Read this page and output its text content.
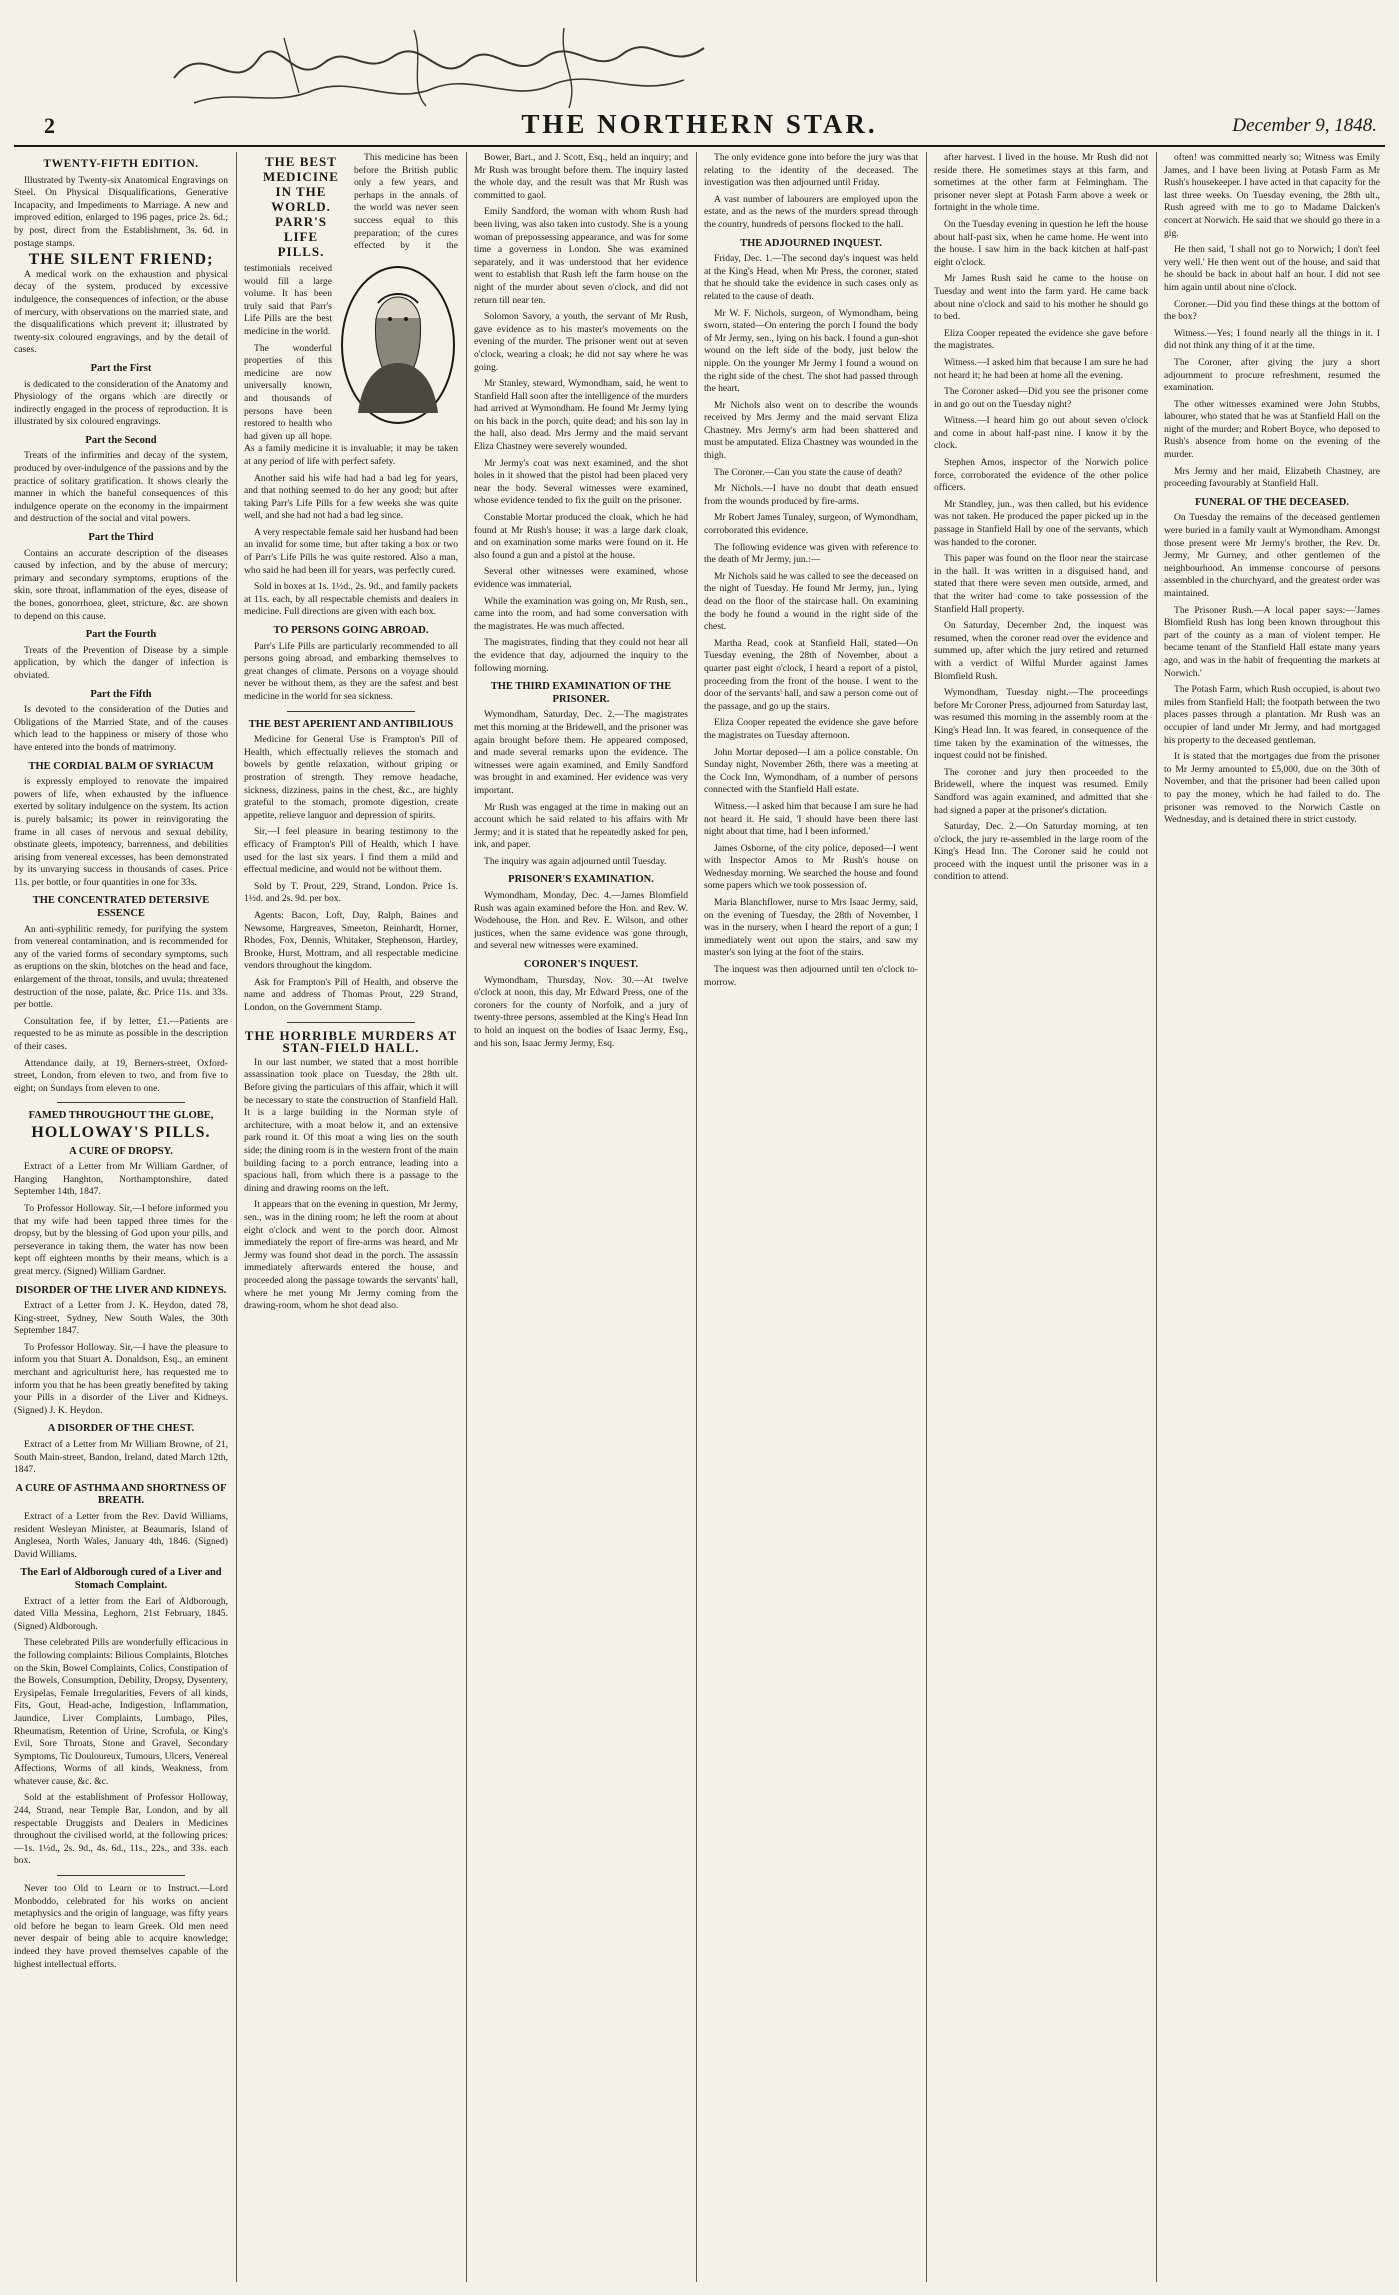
2	THE NORTHERN STAR.	December 9, 1848.
TWENTY-FIFTH EDITION.

Illustrated by Twenty-six Anatomical Engravings on Steel. On Physical Disqualifications, Generative Incapacity, and Impediments to Marriage. A new and improved edition, enlarged to 196 pages, price 2s. 6d.; by post, direct from the Establishment, 3s. 6d. in postage stamps.

THE SILENT FRIEND;

A medical work on the exhaustion and physical decay of the system, produced by excessive indulgence, the consequences of infection, or the abuse of mercury, with observations on the married state, and the disqualifications which prevent it; illustrated by twenty-six coloured engravings, and by the detail of cases.

Part the First

is dedicated to the consideration of the Anatomy and Physiology of the organs which are directly or indirectly engaged in the process of reproduction. It is illustrated by six coloured engravings.

Part the Second

Treats of the infirmities and decay of the system, produced by over-indulgence of the passions and by the practice of solitary gratification. It shows clearly the manner in which the baneful consequences of this indulgence operate on the economy in the impairment and destruction of the social and vital powers.

Part the Third

Contains an accurate description of the diseases caused by infection, and by the abuse of mercury; primary and secondary symptoms, eruptions of the skin, sore throat, inflammation of the eyes, disease of the bones, gonorrhoea, gleet, stricture, &c. are shown to depend on this cause.

Part the Fourth

Treats of the Prevention of Disease by a simple application, by which the danger of infection is obviated.

Part the Fifth

Is devoted to the consideration of the Duties and Obligations of the Married State, and of the causes which lead to the happiness or misery of those who have entered into the bonds of matrimony.

THE CORDIAL BALM OF SYRIACUM

is expressly employed to renovate the impaired powers of life, when exhausted by the influence exerted by solitary indulgence on the system. Its action is purely balsamic; its power in reinvigorating the frame in all cases of nervous and sexual debility, obstinate gleets, impotency, barrenness, and debilities arising from venereal excesses, has been demonstrated by its unvarying success in thousands of cases. Price 11s. per bottle, or four quantities in one for 33s.

THE CONCENTRATED DETERSIVE ESSENCE

An anti-syphilitic remedy, for purifying the system from venereal contamination, and is recommended for any of the varied forms of secondary symptoms, such as eruptions on the skin, blotches on the head and face, enlargement of the throat, tonsils, and uvula; threatened destruction of the nose, palate, &c. Price 11s. and 33s. per bottle.

Consultation fee, if by letter, £1.—Patients are requested to be as minute as possible in the description of their cases.

Attendance daily, at 19, Berners-street, Oxford-street, London, from eleven to two, and from five to eight; on Sundays from eleven to one.

FAMED THROUGHOUT THE GLOBE,
HOLLOWAY'S PILLS.
A CURE OF DROPSY.

Extract of a Letter from Mr William Gardner, of Hanging Hanghton, Northamptonshire, dated September 14th, 1847.

To Professor Holloway. Sir,—I before informed you that my wife had been tapped three times for the dropsy, but by the blessing of God upon your pills, and perseverance in taking them, the water has now been kept off eighteen months by their means, which is a great mercy. (Signed) William Gardner.

DISORDER OF THE LIVER AND KIDNEYS.

Extract of a Letter from J. K. Heydon, dated 78, King-street, Sydney, New South Wales, the 30th September 1847.

To Professor Holloway. Sir,—I have the pleasure to inform you that Stuart A. Donaldson, Esq., an eminent merchant and agriculturist here, has requested me to inform you that he has been greatly benefited by taking your Pills in a disorder of the Liver and Kidneys. (Signed) J. K. Heydon.

A DISORDER OF THE CHEST.

Extract of a Letter from Mr William Browne, of 21, South Main-street, Bandon, Ireland, dated March 12th, 1847.

A CURE OF ASTHMA AND SHORTNESS OF BREATH.

Extract of a Letter from the Rev. David Williams, resident Wesleyan Minister, at Beaumaris, Island of Anglesea, North Wales, January 4th, 1846. (Signed) David Williams.

The Earl of Aldborough cured of a Liver and Stomach Complaint.

Extract of a letter from the Earl of Aldborough, dated Villa Messina, Leghorn, 21st February, 1845. (Signed) Aldborough.

These celebrated Pills are wonderfully efficacious in the following complaints: Bilious Complaints, Blotches on the Skin, Bowel Complaints, Colics, Constipation of the Bowels, Consumption, Debility, Dropsy, Dysentery, Erysipelas, Female Irregularities, Fevers of all kinds, Fits, Gout, Head-ache, Indigestion, Inflammation, Jaundice, Liver Complaints, Lumbago, Piles, Rheumatism, Retention of Urine, Scrofula, or King's Evil, Sore Throats, Stone and Gravel, Secondary Symptoms, Tic Douloureux, Tumours, Ulcers, Venereal Affections, Worms of all kinds, Weakness, from whatever cause, &c. &c.

Sold at the establishment of Professor Holloway, 244, Strand, near Temple Bar, London, and by all respectable Druggists and Dealers in Medicines throughout the civilised world, at the following prices:—1s. 1½d., 2s. 9d., 4s. 6d., 11s., 22s., and 33s. each box.

Never too Old to Learn or to Instruct.—Lord Monboddo, celebrated for his works on ancient metaphysics and the origin of language, was fifty years old before he began to learn Greek. Old men need never despair of being able to acquire knowledge; indeed they have proved themselves capable of the highest intellectual efforts.

THE BEST
MEDICINE
IN THE
WORLD.
PARR'S
LIFE
PILLS.

This medicine has been before the British public only a few years, and perhaps in the annals of the world was never seen success equal to this preparation; of the cures effected by it the testimonials received would fill a large volume. It has been truly said that Parr's Life Pills are the best medicine in the world.

The wonderful properties of this medicine are now universally known, and thousands of persons have been restored to health who had given up all hope. As a family medicine it is invaluable; it may be taken at any period of life with perfect safety.

Another said his wife had had a bad leg for years, and that nothing seemed to do her any good; but after taking Parr's Life Pills for a few weeks she was quite well, and she had not had a bad leg since.

A very respectable female said her husband had been an invalid for some time, but after taking a box or two of Parr's Life Pills he was quite restored. Also a man, who said he had been ill for years, was perfectly cured.

Sold in boxes at 1s. 1½d., 2s. 9d., and family packets at 11s. each, by all respectable chemists and dealers in medicine. Full directions are given with each box.

TO PERSONS GOING ABROAD.

Parr's Life Pills are particularly recommended to all persons going abroad, and embarking themselves to great changes of climate. Persons on a voyage should never be without them, as they are the safest and best medicine in the world for sea sickness.

THE BEST APERIENT AND ANTIBILIOUS

Medicine for General Use is Frampton's Pill of Health, which effectually relieves the stomach and bowels by gentle relaxation, without griping or prostration of strength. They remove headache, sickness, dizziness, pains in the chest, &c., are highly grateful to the stomach, promote digestion, create appetite, relieve languor and depression of spirits.

Sir,—I feel pleasure in bearing testimony to the efficacy of Frampton's Pill of Health, which I have used for the last six years. I find them a mild and effectual medicine, and would not be without them.

Sold by T. Prout, 229, Strand, London. Price 1s. 1½d. and 2s. 9d. per box.

Agents: Bacon, Loft, Day, Ralph, Baines and Newsome, Hargreaves, Smeeton, Reinhardt, Horner, Rhodes, Fox, Dennis, Whitaker, Stephenson, Hartley, Brooke, Hurst, Mottram, and all respectable medicine vendors throughout the kingdom.

Ask for Frampton's Pill of Health, and observe the name and address of Thomas Prout, 229 Strand, London, on the Government Stamp.

THE HORRIBLE MURDERS AT STAN-FIELD HALL.

In our last number, we stated that a most horrible assassination took place on Tuesday, the 28th ult. Before giving the particulars of this affair, which it will be necessary to state the construction of Stanfield Hall. It is a large building in the Norman style of architecture, with a moat below it, and an extensive park round it. Of this moat a wing lies on the south side; the dining room is in the western front of the main building facing to a porch entrance, leading into a spacious hall, from which there is a passage to the dining and drawing rooms on the left.

It appears that on the evening in question, Mr Jermy, sen., was in the dining room; he left the room at about eight o'clock and went to the porch door. Almost immediately the report of fire-arms was heard, and Mr Jermy was found shot dead in the porch. The assassin immediately afterwards entered the house, and proceeded along the passage towards the servants' hall, where he met young Mr Jermy coming from the drawing-room, whom he shot dead also.

Bower, Bart., and J. Scott, Esq., held an inquiry; and Mr Rush was brought before them. The inquiry lasted the whole day, and the result was that Mr Rush was committed to gaol.

Emily Sandford, the woman with whom Rush had been living, was also taken into custody. She is a young woman of prepossessing appearance, and was for some time a governess in London. She was examined separately, and it was understood that her evidence went to establish that Rush left the farm house on the night of the murder about seven o'clock, and did not return till near ten.

Solomon Savory, a youth, the servant of Mr Rush, gave evidence as to his master's movements on the evening of the murder. The prisoner went out at seven o'clock, wearing a cloak; he did not say where he was going.

Mr Stanley, steward, Wymondham, said, he went to Stanfield Hall soon after the intelligence of the murders had arrived at Wymondham. He found Mr Jermy lying on his back in the porch, quite dead; and his son lay in the hall, also dead. Mrs Jermy and the maid servant Eliza Chastney were severely wounded.

Mr Jermy's coat was next examined, and the shot holes in it showed that the pistol had been placed very near the body. Several witnesses were examined, whose evidence tended to fix the guilt on the prisoner.

Constable Mortar produced the cloak, which he had found at Mr Rush's house; it was a large dark cloak, and on examination some marks were found on it. He also found a gun and a pistol at the house.

Several other witnesses were examined, whose evidence was immaterial.

While the examination was going on, Mr Rush, sen., came into the room, and had some conversation with the magistrates. He was much affected.

The magistrates, finding that they could not hear all the evidence that day, adjourned the inquiry to the following morning.

THE THIRD EXAMINATION OF THE PRISONER.

Wymondham, Saturday, Dec. 2.—The magistrates met this morning at the Bridewell, and the prisoner was again brought before them. He appeared composed, and made several remarks upon the evidence. The witnesses were again examined, and Emily Sandford was brought in and examined. Her evidence was very important.

Mr Rush was engaged at the time in making out an account which he said related to his affairs with Mr Jermy; and it is stated that he repeatedly asked for pen, ink, and paper.

The inquiry was again adjourned until Tuesday.

PRISONER'S EXAMINATION.

Wymondham, Monday, Dec. 4.—James Blomfield Rush was again examined before the Hon. and Rev. W. Wodehouse, the Hon. and Rev. E. Wilson, and other justices, when the same evidence was gone through, and several new witnesses were examined.

CORONER'S INQUEST.

Wymondham, Thursday, Nov. 30.—At twelve o'clock at noon, this day, Mr Edward Press, one of the coroners for the county of Norfolk, and a jury of twenty-three persons, assembled at the King's Head Inn to hold an inquest on the bodies of Isaac Jermy, Esq., and his son, Isaac Jermy Jermy, Esq.

The only evidence gone into before the jury was that relating to the identity of the deceased. The investigation was then adjourned until Friday.

A vast number of labourers are employed upon the estate, and as the news of the murders spread through the country, hundreds of persons flocked to the hall.

THE ADJOURNED INQUEST.

Friday, Dec. 1.—The second day's inquest was held at the King's Head, when Mr Press, the coroner, stated that he should take the evidence in such cases only as related to the cause of death.

Mr W. F. Nichols, surgeon, of Wymondham, being sworn, stated—On entering the porch I found the body of Mr Jermy, sen., lying on his back. I found a gun-shot wound on the left side of the body, just below the nipple. On the younger Mr Jermy I found a wound on the right side of the chest. The shot had passed through the heart.

Mr Nichols also went on to describe the wounds received by Mrs Jermy and the maid servant Eliza Chastney. Mrs Jermy's arm had been shattered and must be amputated. Eliza Chastney was wounded in the thigh.

The Coroner.—Can you state the cause of death?

Mr Nichols.—I have no doubt that death ensued from the wounds produced by fire-arms.

Mr Robert James Tunaley, surgeon, of Wymondham, corroborated this evidence.

The following evidence was given with reference to the death of Mr Jermy, jun.:—

Mr Nichols said he was called to see the deceased on the night of Tuesday. He found Mr Jermy, jun., lying dead on the floor of the staircase hall. On examining the body he found a wound in the right side of the chest.

Martha Read, cook at Stanfield Hall, stated—On Tuesday evening, the 28th of November, about a quarter past eight o'clock, I heard a report of a pistol, proceeding from the front of the house. I went to the door of the servants' hall, and saw a person come out of the passage, and go up the stairs.

Eliza Cooper repeated the evidence she gave before the magistrates on Tuesday afternoon.

John Mortar deposed—I am a police constable. On Sunday night, November 26th, there was a meeting at the Cock Inn, Wymondham, of a number of persons connected with the Stanfield Hall estate.

Witness.—I asked him that because I am sure he had not heard it. He said, 'I should have been there last night about that time, had I been informed.'

James Osborne, of the city police, deposed—I went with Inspector Amos to Mr Rush's house on Wednesday morning. We searched the house and found some papers which we took possession of.

Maria Blanchflower, nurse to Mrs Isaac Jermy, said, on the evening of Tuesday, the 28th of November, I was in the nursery, when I heard the report of a gun; I immediately went out upon the stairs, and saw my master's son lying at the foot of the stairs.

The inquest was then adjourned until ten o'clock to-morrow.

after harvest. I lived in the house. Mr Rush did not reside there. He sometimes stays at this farm, and sometimes at the other farm at Felmingham. The prisoner never slept at Potash Farm above a week or fortnight in the whole time.

On the Tuesday evening in question he left the house about half-past six, when he came home. He went into the house. I saw him in the back kitchen at half-past eight o'clock.

Mr James Rush said he came to the house on Tuesday and went into the farm yard. He came back about nine o'clock and said to his mother he should go to bed.

Eliza Cooper repeated the evidence she gave before the magistrates.

Witness.—I asked him that because I am sure he had not heard it; he had been at home all the evening.

The Coroner asked—Did you see the prisoner come in and go out on the Tuesday night?

Witness.—I heard him go out about seven o'clock and come in about half-past nine. I know it by the clock.

Stephen Amos, inspector of the Norwich police force, corroborated the evidence of the other police officers.

Mr Standley, jun., was then called, but his evidence was not taken. He produced the paper picked up in the passage in Stanfield Hall by one of the servants, which was handed to the coroner.

This paper was found on the floor near the staircase in the hall. It was written in a disguised hand, and stated that there were seven men outside, armed, and that the writer had come to take possession of the Stanfield Hall property.

On Saturday, December 2nd, the inquest was resumed, when the coroner read over the evidence and summed up, after which the jury retired and returned with a verdict of Wilful Murder against James Blomfield Rush.

Wymondham, Tuesday night.—The proceedings before Mr Coroner Press, adjourned from Saturday last, was resumed this morning in the assembly room at the King's Head Inn. It was feared, in consequence of the time taken by the examination of the witnesses, the inquest could not be finished.

The coroner and jury then proceeded to the Bridewell, where the inquest was resumed. Emily Sandford was again examined, and admitted that she had signed a paper at the prisoner's dictation.

Saturday, Dec. 2.—On Saturday morning, at ten o'clock, the jury re-assembled in the large room of the King's Head Inn. The Coroner said he could not proceed with the inquest until the prisoner was in a condition to attend.

often! was committed nearly so; Witness was Emily James, and I have been living at Potash Farm as Mr Rush's housekeeper. I have acted in that capacity for the last three weeks. On Tuesday evening, the 28th ult., Rush agreed with me to go to Madame Dalcken's concert at Norwich. He said that we should go there in a gig.

He then said, 'I shall not go to Norwich; I don't feel very well.' He then went out of the house, and said that he should be back in about half an hour. I did not see him again until about nine o'clock.

Coroner.—Did you find these things at the bottom of the box?

Witness.—Yes; I found nearly all the things in it. I did not think any thing of it at the time.

The Coroner, after giving the jury a short adjournment to procure refreshment, resumed the examination.

The other witnesses examined were John Stubbs, labourer, who stated that he was at Stanfield Hall on the night of the murder; and Robert Boyce, who deposed to Rush's absence from home on the evening of the murder.

Mrs Jermy and her maid, Elizabeth Chastney, are proceeding favourably at Stanfield Hall.

FUNERAL OF THE DECEASED.

On Tuesday the remains of the deceased gentlemen were buried in a family vault at Wymondham. Amongst those present were Mr Jermy's brother, the Rev. Dr. Jermy, Mr Gurney, and other gentlemen of the neighbourhood. An immense concourse of persons assembled in the churchyard, and the greatest order was maintained.

The Prisoner Rush.—A local paper says:—'James Blomfield Rush has long been known throughout this part of the county as a man of violent temper. He became tenant of the Stanfield Hall estate many years ago, and was in the habit of frequenting the markets at Norwich.'

The Potash Farm, which Rush occupied, is about two miles from Stanfield Hall; the footpath between the two places passes through a plantation. Mr Rush was an occupier of land under Mr Jermy, and had mortgaged his property to the deceased gentleman.

It is stated that the mortgages due from the prisoner to Mr Jermy amounted to £5,000, due on the 30th of November, and that the prisoner had been called upon to pay the money, which he had failed to do. The prisoner was removed to the Norwich Castle on Wednesday, and is detained there in strict custody.
